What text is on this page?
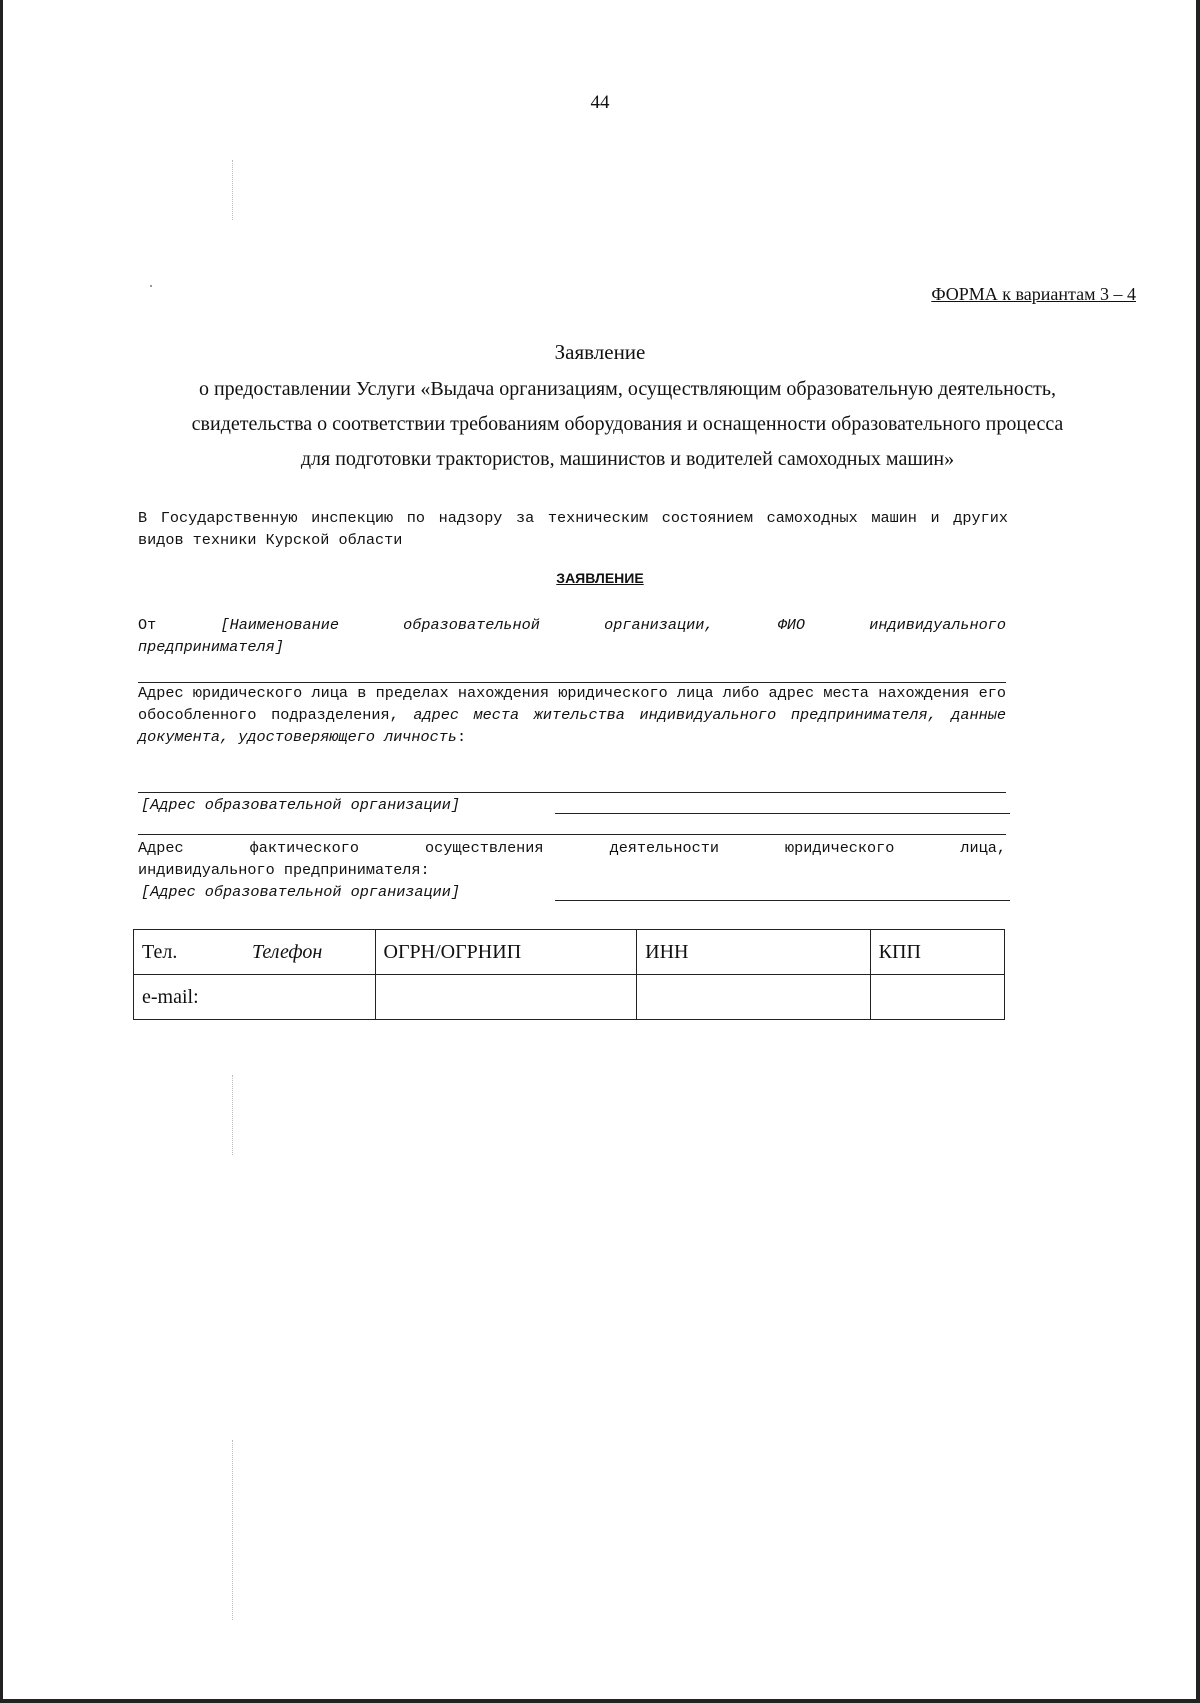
44
ФОРМА к вариантам 3 – 4
Заявление
о предоставлении Услуги «Выдача организациям, осуществляющим образовательную деятельность,
свидетельства о соответствии требованиям оборудования и оснащенности образовательного процесса
для подготовки трактористов, машинистов и водителей самоходных машин»

В Государственную инспекцию по надзору за техническим состоянием самоходных машин и других видов техники Курской области

ЗАЯВЛЕНИЕ
От	[Наименование образовательной организации, ФИО индивидуального
предпринимателя]

Адрес юридического лица в пределах нахождения юридического лица либо адрес места нахождения его обособленного подразделения, адрес места жительства индивидуального предпринимателя, данные документа, удостоверяющего личность:

[Адрес образовательной организации]
Адрес фактического осуществления деятельности юридического лица,
индивидуального предпринимателя:
[Адрес образовательной организации]
Тел. Телефон	ОГРН/ОГРНИП	ИНН	КПП
e-mail:			
